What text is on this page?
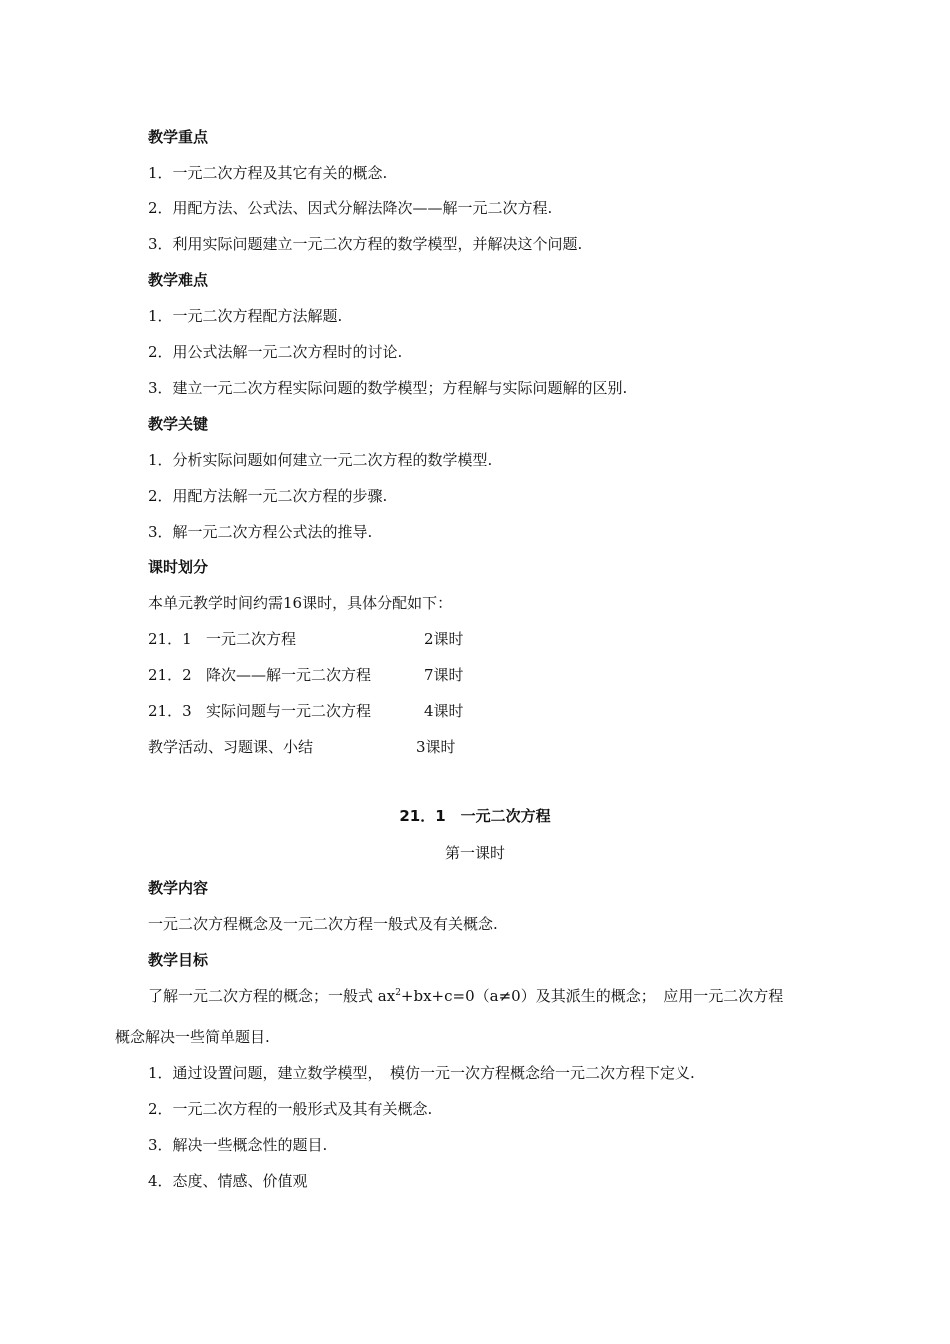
教学重点
1．一元二次方程及其它有关的概念.
2．用配方法、公式法、因式分解法降次——解一元二次方程.
3．利用实际问题建立一元二次方程的数学模型，并解决这个问题.
教学难点
1．一元二次方程配方法解题.
2．用公式法解一元二次方程时的讨论.
3．建立一元二次方程实际问题的数学模型；方程解与实际问题解的区别.
教学关键
1．分析实际问题如何建立一元二次方程的数学模型.
2．用配方法解一元二次方程的步骤.
3．解一元二次方程公式法的推导.
课时划分
本单元教学时间约需16课时，具体分配如下：
21．1 一元二次方程	2课时
21．2 降次——解一元二次方程	7课时
21．3 实际问题与一元二次方程	4课时
教学活动、习题课、小结	3课时
21．1　一元二次方程
第一课时
教学内容
一元二次方程概念及一元二次方程一般式及有关概念.
教学目标
了解一元二次方程的概念；一般式 $ax^2+bx+c=0(a\ne 0)$及其派生的概念；　应用一元二次方程
概念解决一些简单题目.
1．通过设置问题，建立数学模型，　模仿一元一次方程概念给一元二次方程下定义.
2．一元二次方程的一般形式及其有关概念.
3．解决一些概念性的题目.
4．态度、情感、价值观
